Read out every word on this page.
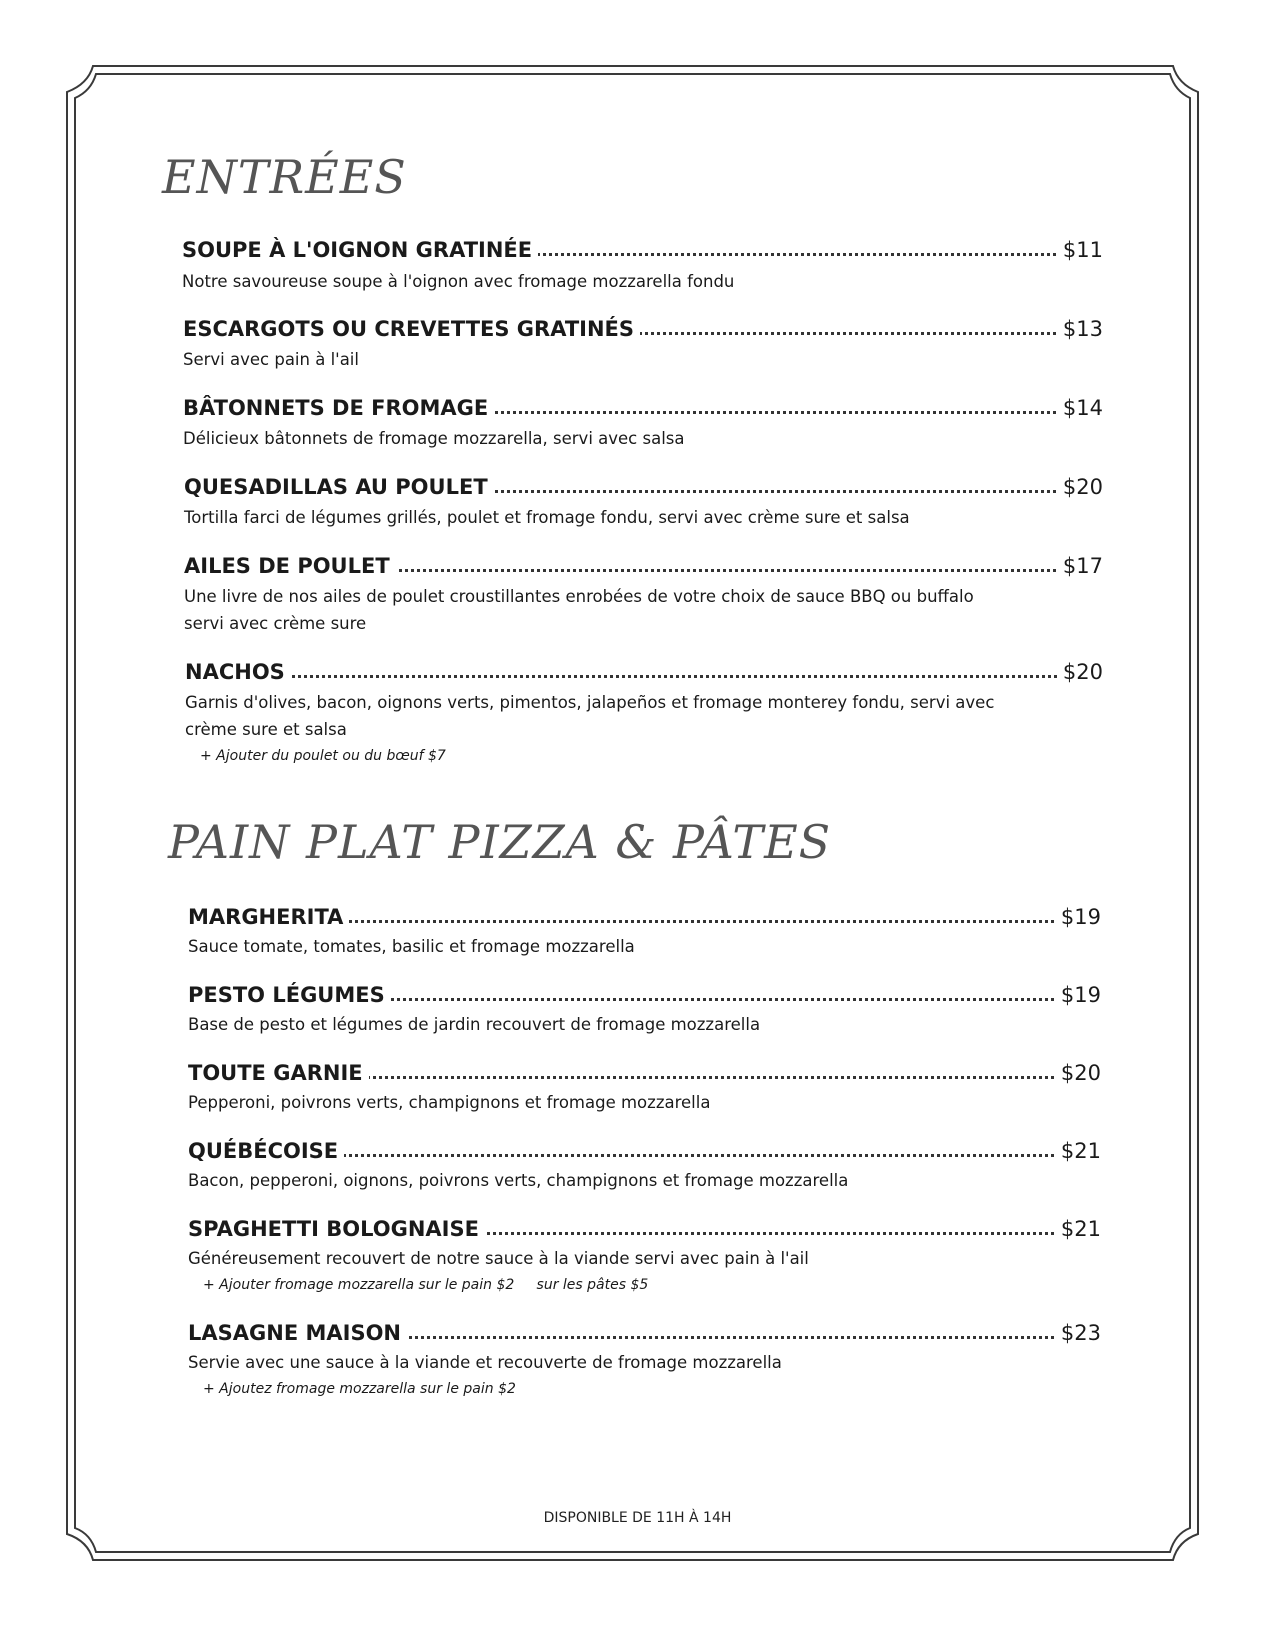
ENTRÉES
SOUPE À L'OIGNON GRATINÉE	$11

Notre savoureuse soupe à l'oignon avec fromage mozzarella fondu

ESCARGOTS OU CREVETTES GRATINÉS	$13

Servi avec pain à l'ail

BÂTONNETS DE FROMAGE	$14

Délicieux bâtonnets de fromage mozzarella, servi avec salsa

QUESADILLAS AU POULET	$20

Tortilla farci de légumes grillés, poulet et fromage fondu, servi avec crème sure et salsa

AILES DE POULET	$17

Une livre de nos ailes de poulet croustillantes enrobées de votre choix de sauce BBQ ou buffalo servi avec crème sure

NACHOS	$20

Garnis d'olives, bacon, oignons verts, pimentos, jalapeños et fromage monterey fondu, servi avec crème sure et salsa

+ Ajouter du poulet ou du bœuf $7
PAIN PLAT PIZZA & PÂTES
MARGHERITA	$19

Sauce tomate, tomates, basilic et fromage mozzarella

PESTO LÉGUMES	$19

Base de pesto et légumes de jardin recouvert de fromage mozzarella

TOUTE GARNIE	$20

Pepperoni, poivrons verts, champignons et fromage mozzarella

QUÉBÉCOISE	$21

Bacon, pepperoni, oignons, poivrons verts, champignons et fromage mozzarella

SPAGHETTI BOLOGNAISE	$21

Généreusement recouvert de notre sauce à la viande servi avec pain à l'ail

+ Ajouter fromage mozzarella sur le pain $2     sur les pâtes $5
LASAGNE MAISON	$23

Servie avec une sauce à la viande et recouverte de fromage mozzarella

+ Ajoutez fromage mozzarella sur le pain $2
DISPONIBLE DE 11H À 14H
